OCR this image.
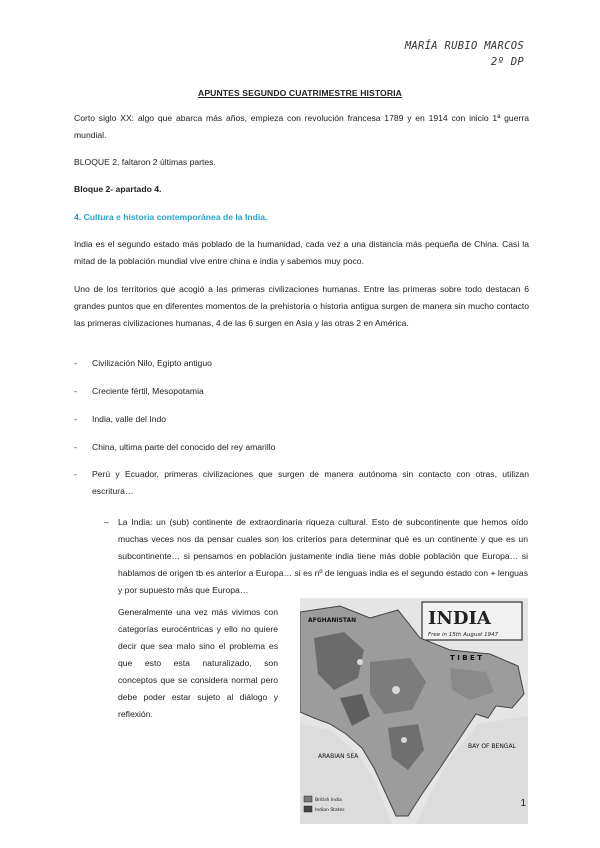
MARÍA RUBIO MARCOS
2º DP
APUNTES SEGUNDO CUATRIMESTRE HISTORIA
Corto siglo XX: algo que abarca más años, empieza con revolución francesa 1789 y en 1914 con inicio 1ª guerra mundial.
BLOQUE 2, faltaron 2 últimas partes.
Bloque 2- apartado 4.
4. Cultura e historia contemporánea de la India.
India es el segundo estado más poblado de la humanidad, cada vez a una distancia más pequeña de China. Casi la mitad de la población mundial vive entre china e india y sabemos muy poco.
Uno de los territorios que acogió a las primeras civilizaciones humanas. Entre las primeras sobre todo destacan 6 grandes puntos que en diferentes momentos de la prehistoria o historia antigua surgen de manera sin mucho contacto las primeras civilizaciones humanas, 4 de las 6 surgen en Asia y las otras 2 en América.
- Civilización Nilo, Egipto antiguo
- Creciente fértil, Mesopotamia
- India, valle del Indo
- China, ultima parte del conocido del rey amarillo
- Perú y Ecuador, primeras civilizaciones que surgen de manera autónoma sin contacto con otras, utilizan escritura…
– La India: un (sub) continente de extraordinaria riqueza cultural. Esto de subcontinente que hemos oído muchas veces nos da pensar cuales son los criterios para determinar qué es un continente y que es un subcontinente… si pensamos en población justamente india tiene más doble población que Europa… si hablamos de origen tb es anterior a Europa… si es nº de lenguas india es el segundo estado con + lenguas y por supuesto más que Europa…
Generalmente una vez más vivimos con categorías eurocéntricas y ello no quiere decir que sea malo sino el problema es que esto esta naturalizado, son conceptos que se considera normal pero debe poder estar sujeto al diálogo y reflexión.
INDIA
Free in 15th August 1947
AFGHANISTAN
T I B E T
ARABIAN SEA
BAY OF BENGAL
British India
Indian States
1
